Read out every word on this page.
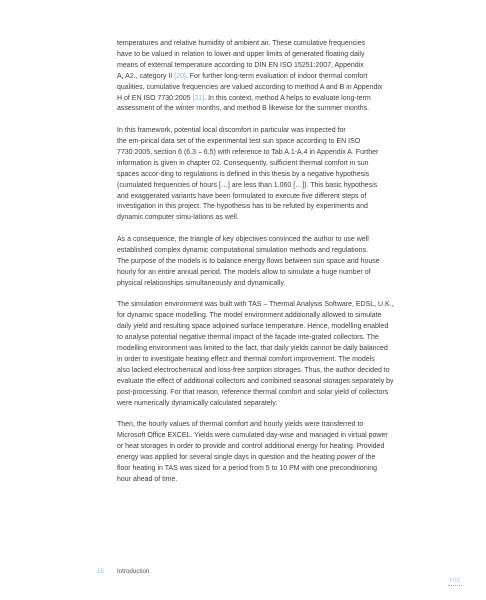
temperatures and relative humidity of ambient air. These cumulative frequencies
have to be valued in relation to lower and upper limits of generated floating daily
means of external temperature according to DIN EN ISO 15251:2007, Appendix
A, A2., category II [20]. For further long-term evaluation of indoor thermal comfort
qualities, cumulative frequencies are valued according to method A and B in Appendix
H of EN ISO 7730:2005 [21]. In this context, method A helps to evaluate long-term
assessment of the winter months, and method B likewise for the summer months.

In this framework, potential local discomfort in particular was inspected for
the em-pirical data set of the experimental test sun space according to EN ISO
7730:2005, section 6 (6.3 – 6.5) with reference to Tab A.1-A.4 in Appendix A. Further
information is given in chapter 02. Consequently, sufficient thermal comfort in sun
spaces accor-ding to regulations is defined in this thesis by a negative hypothesis
(cumulated frequencies of hours […] are less than 1.060 […]). This basic hypothesis
and exaggerated variants have been formulated to execute five different steps of
investigation in this project. The hypothesis has to be refuted by experiments and
dynamic computer simu-lations as well.

As a consequence, the triangle of key objectives convinced the author to use well
established complex dynamic computational simulation methods and regulations.
The purpose of the models is to balance energy flows between sun space and house
hourly for an entire annual period. The models allow to simulate a huge number of
physical relationships simultaneously and dynamically.

The simulation environment was built with TAS – Thermal Analysis Software, EDSL, U.K.,
for dynamic space modelling. The model environment additionally allowed to simulate
daily yield and resulting space adjoined surface temperature. Hence, modelling enabled
to analyse potential negative thermal impact of the façade inte-grated collectors. The
modelling environment was limited to the fact, that daily yields cannot be daily balanced
in order to investigate heating effect and thermal comfort improvement. The models
also lacked electrochemical and loss-free sorption storages. Thus, the author decided to
evaluate the effect of additional collectors and combined seasonal storages separately by
post-processing. For that reason, reference thermal comfort and solar yield of collectors
were numerically dynamically calculated separately.

Then, the hourly values of thermal comfort and hourly yields were transferred to
Microsoft Office EXCEL. Yields were cumulated day-wise and managed in virtual power
or heat storages in order to provide and control additional energy for heating. Provided
energy was applied for several single days in question and the heating power of the
floor heating in TAS was sized for a period from 5 to 10 PM with one preconditioning
hour ahead of time.

15 Introduction
TOC
